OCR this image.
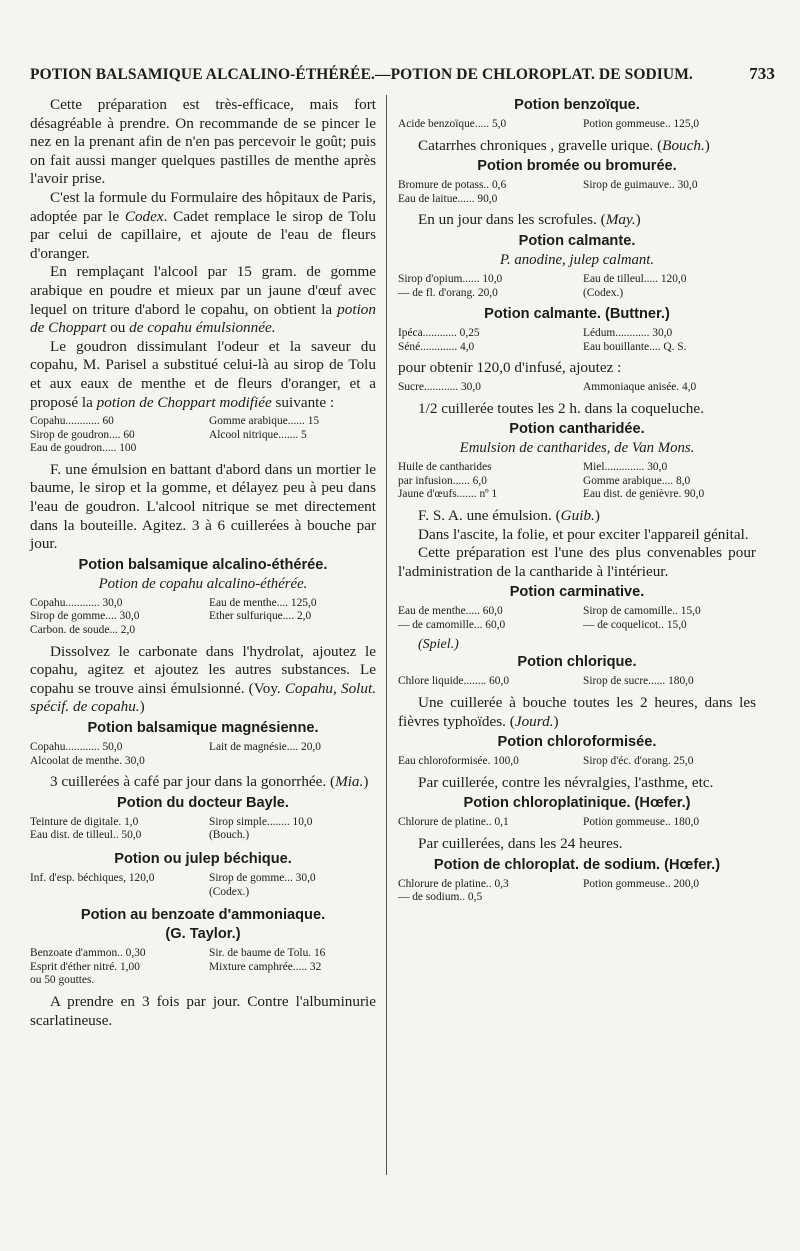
POTION BALSAMIQUE ALCALINO-ÉTHÉRÉE.—POTION DE CHLOROPLAT. DE SODIUM.	733

Cette préparation est très-efficace, mais fort désagréable à prendre. On recommande de se pincer le nez en la prenant afin de n'en pas percevoir le goût; puis on fait aussi manger quelques pastilles de menthe après l'avoir prise.

C'est la formule du Formulaire des hôpitaux de Paris, adoptée par le Codex. Cadet remplace le sirop de Tolu par celui de capillaire, et ajoute de l'eau de fleurs d'oranger.

En remplaçant l'alcool par 15 gram. de gomme arabique en poudre et mieux par un jaune d'œuf avec lequel on triture d'abord le copahu, on obtient la potion de Choppart ou de copahu émulsionnée.

Le goudron dissimulant l'odeur et la saveur du copahu, M. Parisel a substitué celui-là au sirop de Tolu et aux eaux de menthe et de fleurs d'oranger, et a proposé la potion de Choppart modifiée suivante :

Copahu............ 60	Gomme arabique...... 15
Sirop de goudron.... 60	Alcool nitrique....... 5
Eau de goudron..... 100

F. une émulsion en battant d'abord dans un mortier le baume, le sirop et la gomme, et délayez peu à peu dans l'eau de goudron. L'alcool nitrique se met directement dans la bouteille. Agitez. 3 à 6 cuillerées à bouche par jour.

Potion balsamique alcalino-éthérée.

Potion de copahu alcalino-éthérée.

Copahu............ 30,0	Eau de menthe.... 125,0
Sirop de gomme.... 30,0	Ether sulfurique.... 2,0
Carbon. de soude... 2,0

Dissolvez le carbonate dans l'hydrolat, ajoutez le copahu, agitez et ajoutez les autres substances. Le copahu se trouve ainsi émulsionné. (Voy. Copahu, Solut. spécif. de copahu.)

Potion balsamique magnésienne.
Copahu............ 50,0	Lait de magnésie.... 20,0
Alcoolat de menthe. 30,0

3 cuillerées à café par jour dans la gonorrhée. (Mia.)

Potion du docteur Bayle.
Teinture de digitale. 1,0	Sirop simple........ 10,0
Eau dist. de tilleul.. 50,0	(Bouch.)
Potion ou julep béchique.
Inf. d'esp. béchiques, 120,0	Sirop de gomme... 30,0
(Codex.)
Potion au benzoate d'ammoniaque.
(G. Taylor.)
Benzoate d'ammon.. 0,30	Sir. de baume de Tolu. 16
Esprit d'éther nitré. 1,00	Mixture camphrée..... 32
ou 50 gouttes.

A prendre en 3 fois par jour. Contre l'albuminurie scarlatineuse.

Potion benzoïque.
Acide benzoïque..... 5,0	Potion gommeuse.. 125,0

Catarrhes chroniques , gravelle urique. (Bouch.)

Potion bromée ou bromurée.
Bromure de potass.. 0,6	Sirop de guimauve.. 30,0
Eau de laitue...... 90,0

En un jour dans les scrofules. (May.)

Potion calmante.

P. anodine, julep calmant.

Sirop d'opium...... 10,0	Eau de tilleul..... 120,0
— de fl. d'orang. 20,0	(Codex.)
Potion calmante. (Buttner.)
Ipéca............ 0,25	Lédum............ 30,0
Séné............. 4,0	Eau bouillante.... Q. S.

pour obtenir 120,0 d'infusé, ajoutez :

Sucre............ 30,0	Ammoniaque anisée. 4,0

1/2 cuillerée toutes les 2 h. dans la coqueluche.

Potion cantharidée.

Emulsion de cantharides, de Van Mons.

Huile de cantharides	Miel.............. 30,0
par infusion...... 6,0	Gomme arabique.... 8,0
Jaune d'œufs....... nº 1	Eau dist. de genièvre. 90,0

F. S. A. une émulsion. (Guib.)

Dans l'ascite, la folie, et pour exciter l'appareil génital.

Cette préparation est l'une des plus convenables pour l'administration de la cantharide à l'intérieur.

Potion carminative.
Eau de menthe..... 60,0	Sirop de camomille.. 15,0
— de camomille... 60,0	— de coquelicot.. 15,0

(Spiel.)

Potion chlorique.
Chlore liquide........ 60,0	Sirop de sucre...... 180,0

Une cuillerée à bouche toutes les 2 heures, dans les fièvres typhoïdes. (Jourd.)

Potion chloroformisée.
Eau chloroformisée. 100,0	Sirop d'éc. d'orang. 25,0

Par cuillerée, contre les névralgies, l'asthme, etc.

Potion chloroplatinique. (Hœfer.)
Chlorure de platine.. 0,1	Potion gommeuse.. 180,0

Par cuillerées, dans les 24 heures.

Potion de chloroplat. de sodium. (Hœfer.)
Chlorure de platine.. 0,3	Potion gommeuse.. 200,0
— de sodium.. 0,5
